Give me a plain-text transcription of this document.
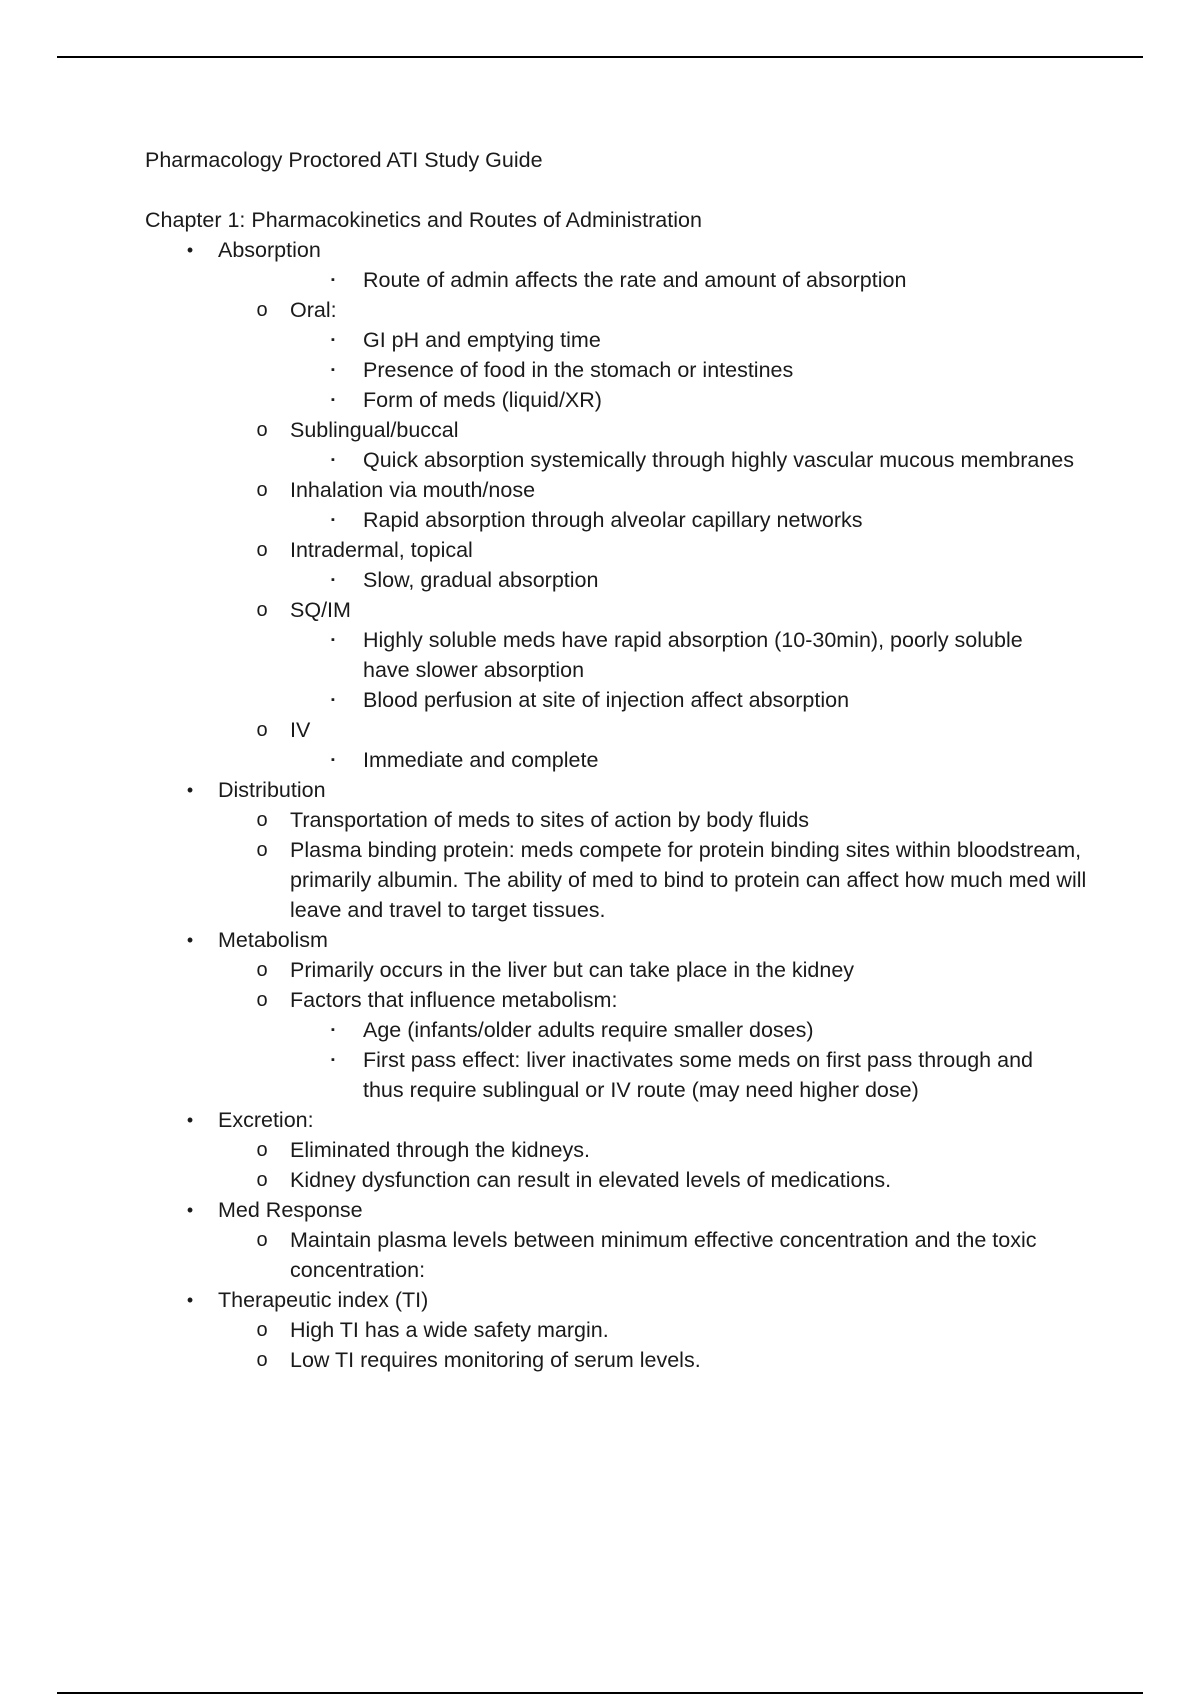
Pharmacology Proctored ATI Study Guide
Chapter 1: Pharmacokinetics and Routes of Administration
•	Absorption
▪ Route of admin affects the rate and amount of absorption
o Oral:
▪ GI pH and emptying time
▪ Presence of food in the stomach or intestines
▪ Form of meds (liquid/XR)
o Sublingual/buccal
▪ Quick absorption systemically through highly vascular mucous membranes
o Inhalation via mouth/nose
▪ Rapid absorption through alveolar capillary networks
o Intradermal, topical
▪ Slow, gradual absorption
o SQ/IM
▪ Highly soluble meds have rapid absorption (10-30min), poorly soluble have slower absorption
▪ Blood perfusion at site of injection affect absorption
o IV
▪ Immediate and complete
•	Distribution
o Transportation of meds to sites of action by body fluids
o Plasma binding protein: meds compete for protein binding sites within bloodstream, primarily albumin. The ability of med to bind to protein can affect how much med will leave and travel to target tissues.
•	Metabolism
o Primarily occurs in the liver but can take place in the kidney
o Factors that influence metabolism:
▪ Age (infants/older adults require smaller doses)
▪ First pass effect: liver inactivates some meds on first pass through and thus require sublingual or IV route (may need higher dose)
•	Excretion:
o Eliminated through the kidneys.
o Kidney dysfunction can result in elevated levels of medications.
•	Med Response
o Maintain plasma levels between minimum effective concentration and the toxic concentration:
•	Therapeutic index (TI)
o High TI has a wide safety margin.
o Low TI requires monitoring of serum levels.
